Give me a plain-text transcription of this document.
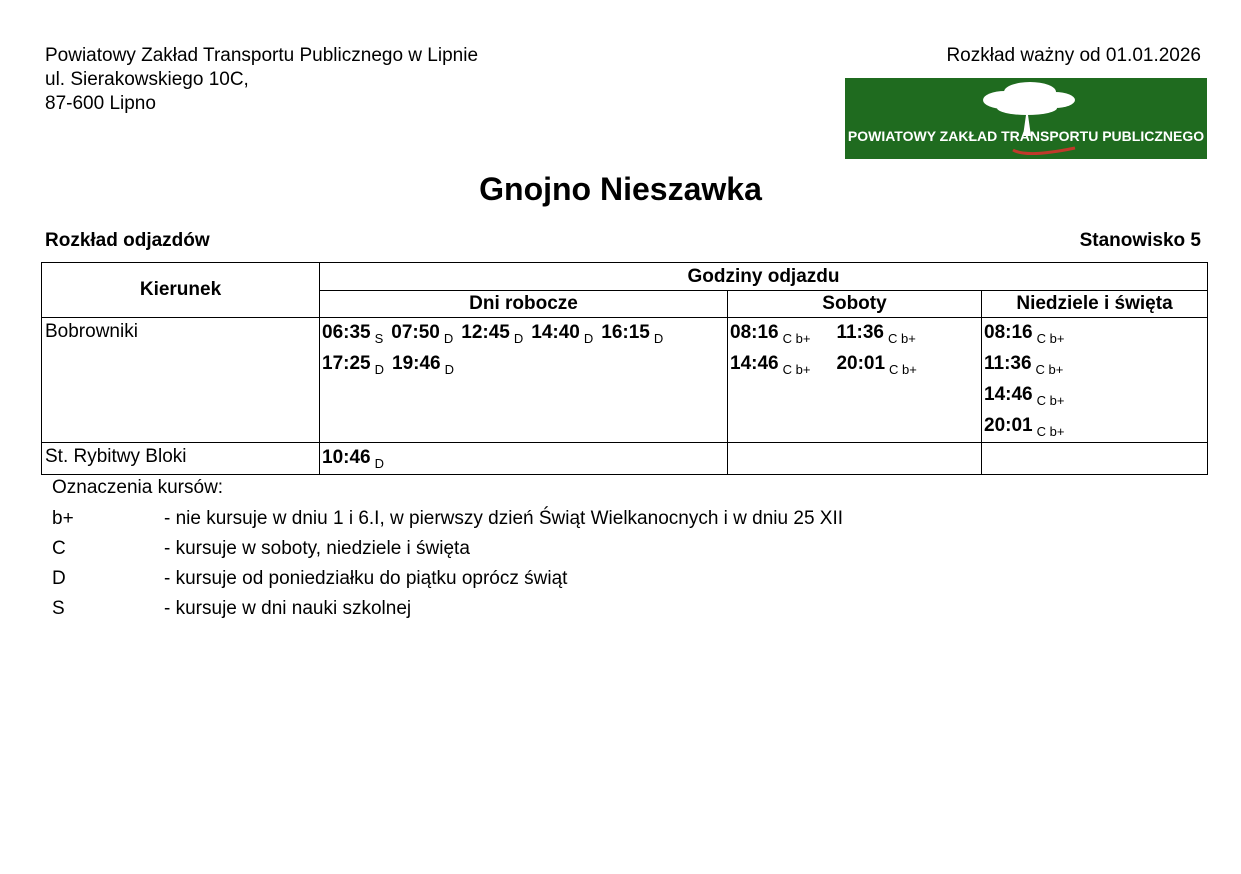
Powiatowy Zakład Transportu Publicznego w Lipnie
ul. Sierakowskiego 10C,
87-600 Lipno
Rozkład ważny od 01.01.2026
POWIATOWY ZAKŁAD TRANSPORTU PUBLICZNEGO
Gnojno Nieszawka
Rozkład odjazdów	Stanowisko 5
Kierunek	Godziny odjazdu		
	Dni robocze	Soboty	Niedziele i święta
Bobrowniki	06:35 $_S$ 07:50 $_D$ 12:45 $_D$ 14:40 $_D$ 16:15 $_D$17:25 $_D$ 19:46 $_D$	08:16 $_{C b+}$ 11:36 $_{C b+}$14:46 $_{C b+}$ 20:01 $_{C b+}$	08:16 $_{C b+}$
11:36 $_{C b+}$
14:46 $_{C b+}$
20:01 $_{C b+}$

St. Rybitwy Bloki	10:46 $_D$		
Oznaczenia kursów:
b+	- nie kursuje w dniu 1 i 6.I, w pierwszy dzień Świąt Wielkanocnych i w dniu 25 XII
C	- kursuje w soboty, niedziele i święta
D	- kursuje od poniedziałku do piątku oprócz świąt
S	- kursuje w dni nauki szkolnej
